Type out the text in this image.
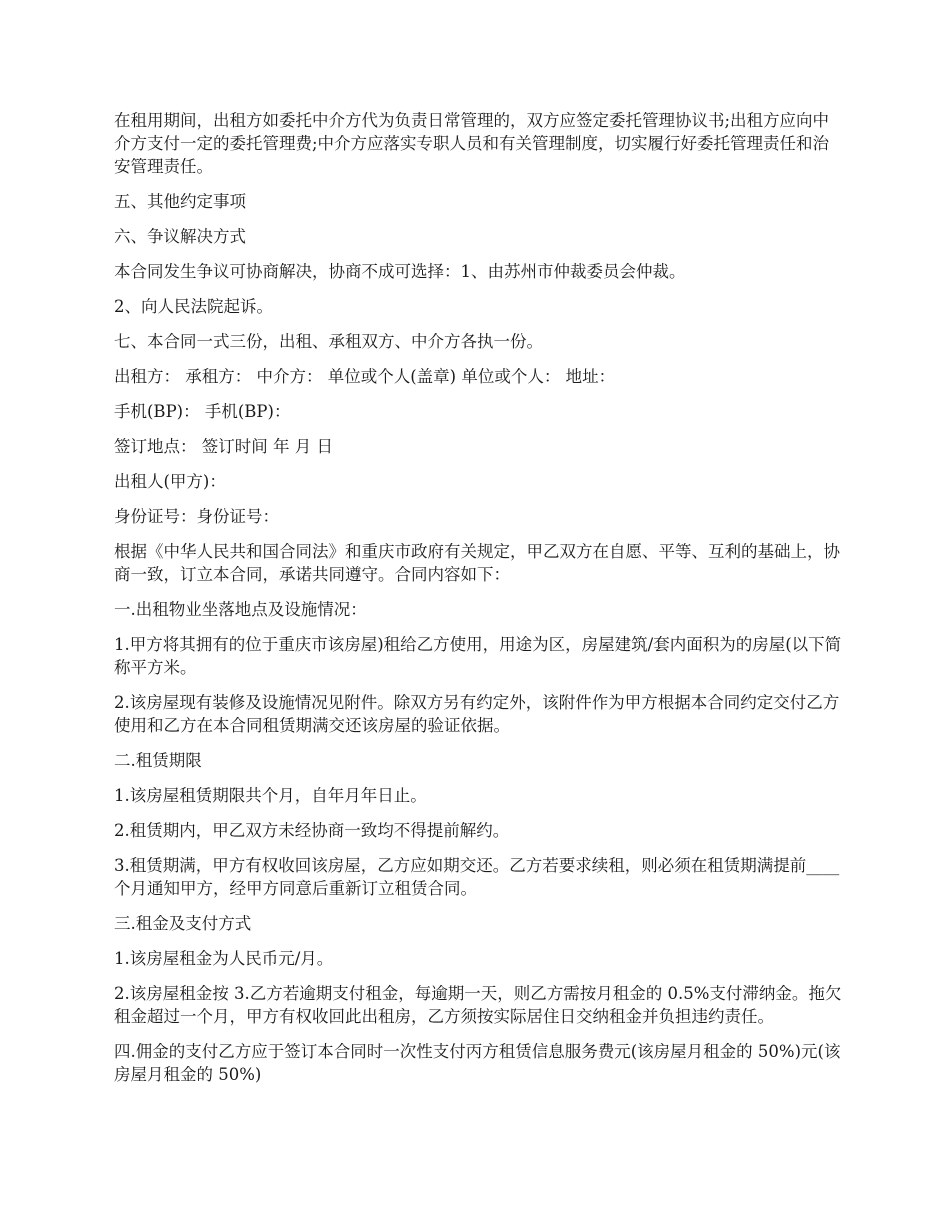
在租用期间，出租方如委托中介方代为负责日常管理的，双方应签定委托管理协议书;出租方应向中介方支付一定的委托管理费;中介方应落实专职人员和有关管理制度，切实履行好委托管理责任和治安管理责任。

五、其他约定事项

六、争议解决方式

本合同发生争议可协商解决，协商不成可选择：1、由苏州市仲裁委员会仲裁。

2、向人民法院起诉。

七、本合同一式三份，出租、承租双方、中介方各执一份。

出租方： 承租方： 中介方： 单位或个人(盖章) 单位或个人： 地址：

手机(BP)： 手机(BP)：

签订地点： 签订时间 年 月 日

出租人(甲方)：

身份证号：身份证号：

根据《中华人民共和国合同法》和重庆市政府有关规定，甲乙双方在自愿、平等、互利的基础上，协商一致，订立本合同，承诺共同遵守。合同内容如下：

一.出租物业坐落地点及设施情况：

1.甲方将其拥有的位于重庆市该房屋)租给乙方使用，用途为区，房屋建筑/套内面积为的房屋(以下简称平方米。

2.该房屋现有装修及设施情况见附件。除双方另有约定外，该附件作为甲方根据本合同约定交付乙方使用和乙方在本合同租赁期满交还该房屋的验证依据。

二.租赁期限

1.该房屋租赁期限共个月，自年月年日止。

2.租赁期内，甲乙双方未经协商一致均不得提前解约。

3.租赁期满，甲方有权收回该房屋，乙方应如期交还。乙方若要求续租，则必须在租赁期满提前____个月通知甲方，经甲方同意后重新订立租赁合同。

三.租金及支付方式

1.该房屋租金为人民币元/月。

2.该房屋租金按 3.乙方若逾期支付租金，每逾期一天，则乙方需按月租金的 0.5%支付滞纳金。拖欠租金超过一个月，甲方有权收回此出租房，乙方须按实际居住日交纳租金并负担违约责任。

四.佣金的支付乙方应于签订本合同时一次性支付丙方租赁信息服务费元(该房屋月租金的 50%)元(该房屋月租金的 50%)
